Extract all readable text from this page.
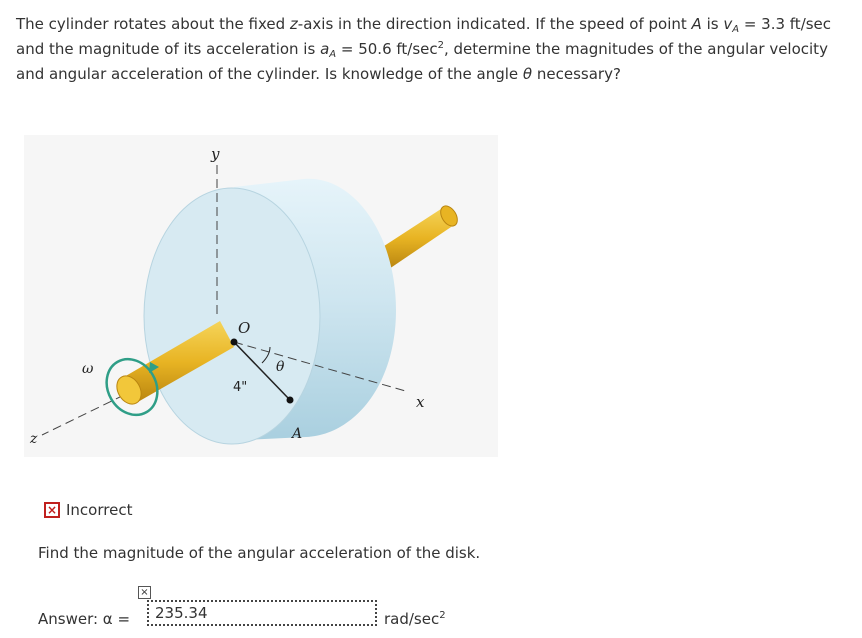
The cylinder rotates about the fixed z-axis in the direction indicated. If the speed of point A is $v_A = 3.3$ ft/sec and the magnitude of its acceleration is $a_A = 50.6$ $ft/\sec^2$, determine the magnitudes of the angular velocity and angular acceleration of the cylinder. Is knowledge of the angle θ necessary?
y
x
z
ω
O
A
θ
4"
× Incorrect
Find the magnitude of the angular acceleration of the disk.
Answer: α =
×
235.34	rad/$\sec^2$
